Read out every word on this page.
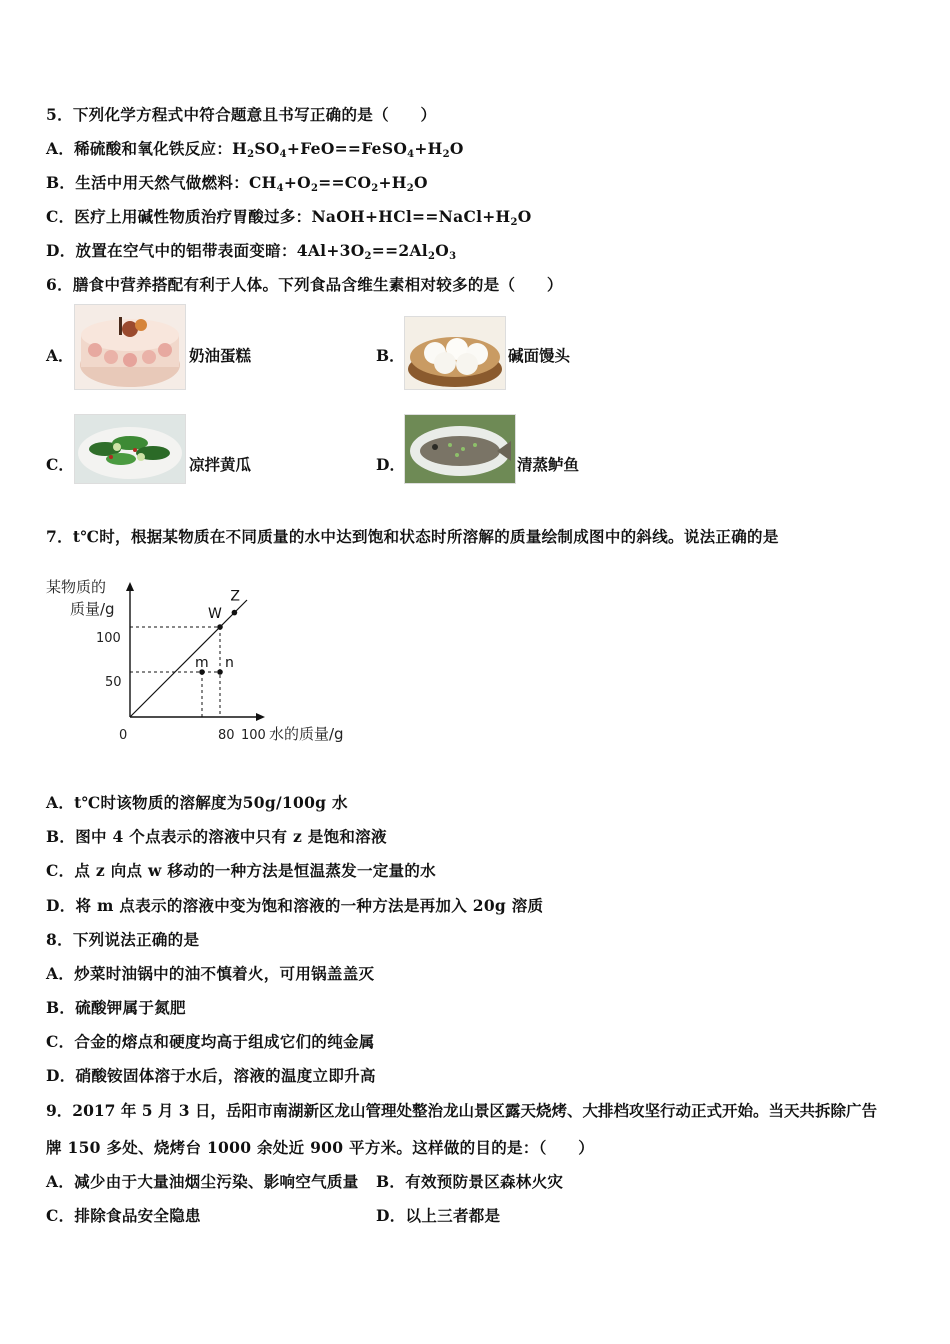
5．下列化学方程式中符合题意且书写正确的是（　　）
A．稀硫酸和氧化铁反应：$H_2SO_4+FeO==FeSO_4+H_2O$
B．生活中用天然气做燃料：$CH_4+O_2==CO_2+H_2O$
C．医疗上用碱性物质治疗胃酸过多：$NaOH+HCl==NaCl+H_2O$
D．放置在空气中的铝带表面变暗：$4Al+3O_2==2Al_2O_3$
6．膳食中营养搭配有利于人体。下列食品含维生素相对较多的是（　　）
A．	奶油蛋糕	B．	碱面馒头
C．	凉拌黄瓜	D．	清蒸鲈鱼
7．t℃时，根据某物质在不同质量的水中达到饱和状态时所溶解的质量绘制成图中的斜线。说法正确的是
某物质的
质量/g	W
Z
m n
0	80 100 水的质量/g
100
50
A．t℃时该物质的溶解度为50g/100g 水
B．图中 4 个点表示的溶液中只有 z 是饱和溶液
C．点 z 向点 w 移动的一种方法是恒温蒸发一定量的水
D．将 m 点表示的溶液中变为饱和溶液的一种方法是再加入 20g 溶质
8．下列说法正确的是
A．炒菜时油锅中的油不慎着火，可用锅盖盖灭
B．硫酸钾属于氮肥
C．合金的熔点和硬度均高于组成它们的纯金属
D．硝酸铵固体溶于水后，溶液的温度立即升高
9．2017 年 5 月 3 日，岳阳市南湖新区龙山管理处整治龙山景区露天烧烤、大排档攻坚行动正式开始。当天共拆除广告
牌 150 多处、烧烤台 1000 余处近 900 平方米。这样做的目的是：（　　）
A．减少由于大量油烟尘污染、影响空气质量 B．有效预防景区森林火灾
C．排除食品安全隐患	D．以上三者都是
